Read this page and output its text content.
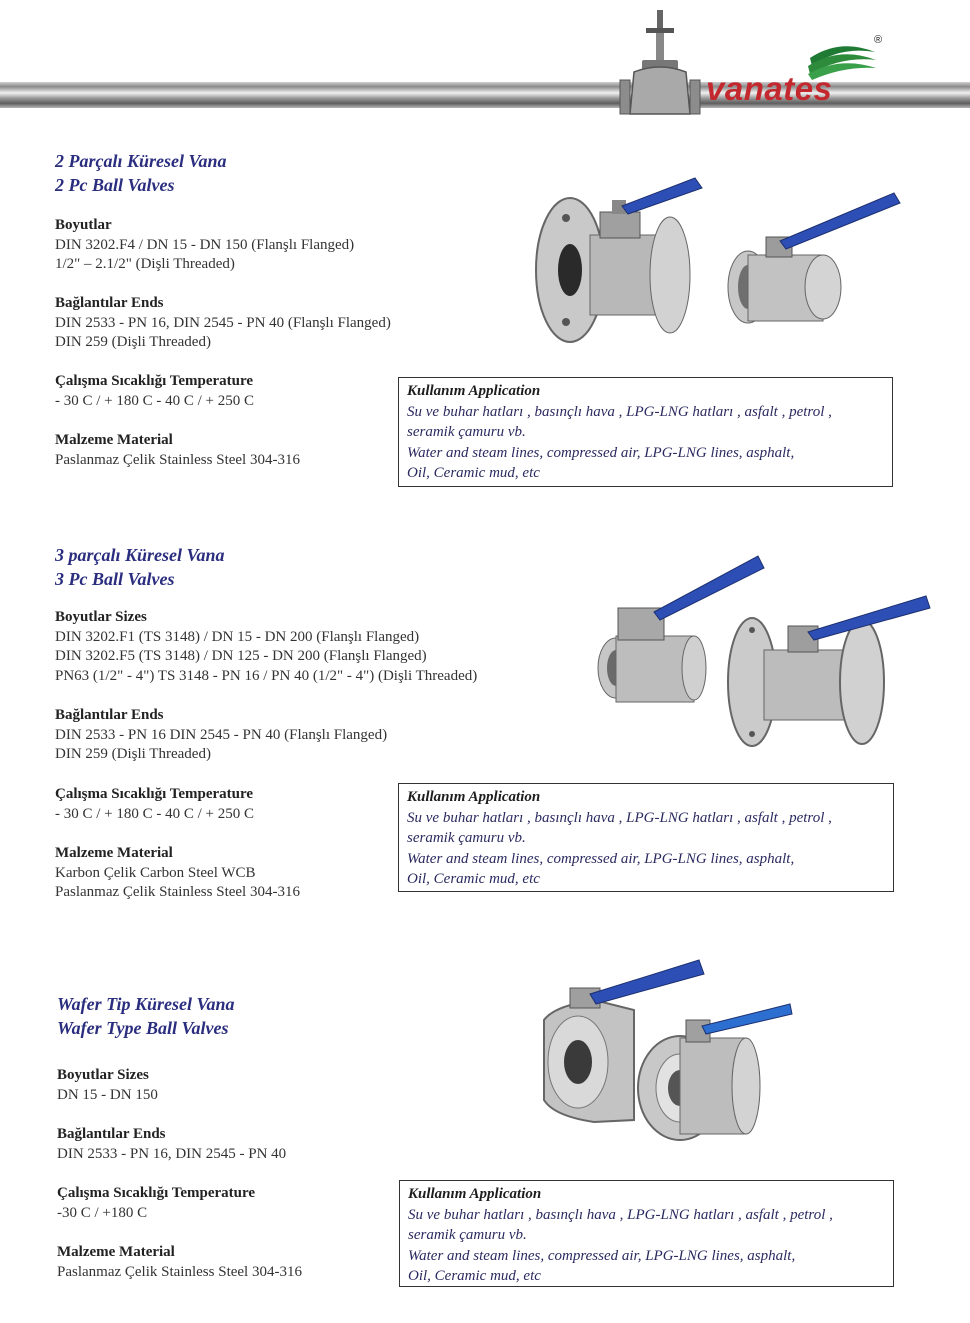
vanates
®
2 Parçalı Küresel Vana
2 Pc Ball Valves
Boyutlar
DIN 3202.F4 / DN 15 - DN 150 (Flanşlı Flanged)
1/2" – 2.1/2" (Dişli Threaded)
Bağlantılar Ends
DIN 2533 - PN 16, DIN 2545 - PN 40 (Flanşlı Flanged)
DIN 259 (Dişli Threaded)
Çalışma Sıcaklığı Temperature
- 30 C / + 180 C - 40 C / + 250 C
Malzeme Material
Paslanmaz Çelik Stainless Steel 304-316
Kullanım Application
Su ve buhar hatları , basınçlı hava , LPG-LNG hatları , asfalt , petrol ,
seramik çamuru vb.
Water and steam lines, compressed air, LPG-LNG lines, asphalt,
Oil, Ceramic mud, etc
3 parçalı Küresel Vana
3 Pc Ball Valves
Boyutlar Sizes
DIN 3202.F1 (TS 3148) / DN 15 - DN 200 (Flanşlı Flanged)
DIN 3202.F5 (TS 3148) / DN 125 - DN 200 (Flanşlı Flanged)
PN63 (1/2" - 4") TS 3148 - PN 16 / PN 40 (1/2" - 4") (Dişli Threaded)
Bağlantılar Ends
DIN 2533 - PN 16 DIN 2545 - PN 40 (Flanşlı Flanged)
DIN 259 (Dişli Threaded)
Çalışma Sıcaklığı Temperature
- 30 C / + 180 C - 40 C / + 250 C
Malzeme Material
Karbon Çelik Carbon Steel WCB
Paslanmaz Çelik Stainless Steel 304-316
Kullanım Application
Su ve buhar hatları , basınçlı hava , LPG-LNG hatları , asfalt , petrol ,
seramik çamuru vb.
Water and steam lines, compressed air, LPG-LNG lines, asphalt,
Oil, Ceramic mud, etc
Wafer Tip Küresel Vana
Wafer Type Ball Valves
Boyutlar Sizes
DN 15 - DN 150
Bağlantılar Ends
DIN 2533 - PN 16, DIN 2545 - PN 40
Çalışma Sıcaklığı Temperature
-30 C / +180 C
Malzeme Material
Paslanmaz Çelik Stainless Steel 304-316
Kullanım Application
Su ve buhar hatları , basınçlı hava , LPG-LNG hatları , asfalt , petrol ,
seramik çamuru vb.
Water and steam lines, compressed air, LPG-LNG lines, asphalt,
Oil, Ceramic mud, etc
